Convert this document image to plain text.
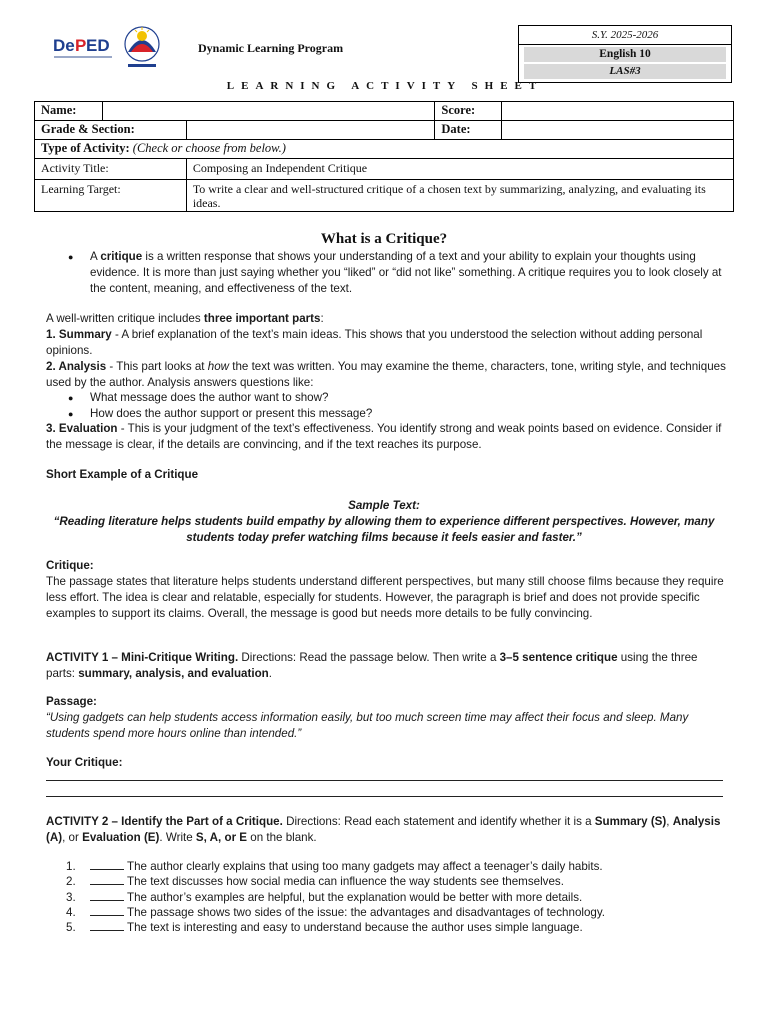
De P ED	Dynamic Learning Program
S.Y. 2025-2026
English 10
LAS#3
LEARNING ACTIVITY SHEET
Name:			Score:	
Grade & Section:			Date:	
Type of Activity: (Check or choose from below.)				
Activity Title:		Composing an Independent Critique		
Learning Target:		To write a clear and well-structured critique of a chosen text by summarizing, analyzing, and evaluating its ideas.		
What is a Critique?
● A critique is a written response that shows your understanding of a text and your ability to explain your thoughts using evidence. It is more than just saying whether you “liked” or “did not like” something. A critique requires you to look closely at the content, meaning, and effectiveness of the text.
A well-written critique includes three important parts:
1. Summary - A brief explanation of the text’s main ideas. This shows that you understood the selection without adding personal opinions.
2. Analysis - This part looks at how the text was written. You may examine the theme, characters, tone, writing style, and techniques used by the author. Analysis answers questions like:
● What message does the author want to show?
● How does the author support or present this message?
3. Evaluation - This is your judgment of the text’s effectiveness. You identify strong and weak points based on evidence. Consider if the message is clear, if the details are convincing, and if the text reaches its purpose.
Short Example of a Critique
Sample Text:
“Reading literature helps students build empathy by allowing them to experience different perspectives. However, many students today prefer watching films because it feels easier and faster.”
Critique:
The passage states that literature helps students understand different perspectives, but many still choose films because they require less effort. The idea is clear and relatable, especially for students. However, the paragraph is brief and does not provide specific examples to support its claims. Overall, the message is good but needs more details to be fully convincing.
ACTIVITY 1 – Mini-Critique Writing. Directions: Read the passage below. Then write a 3–5 sentence critique using the three parts: summary, analysis, and evaluation.
Passage:
“Using gadgets can help students access information easily, but too much screen time may affect their focus and sleep. Many students spend more hours online than intended.”
Your Critique:
ACTIVITY 2 – Identify the Part of a Critique. Directions: Read each statement and identify whether it is a Summary (S), Analysis (A), or Evaluation (E). Write S, A, or E on the blank.
1.	The author clearly explains that using too many gadgets may affect a teenager’s daily habits.
2.	The text discusses how social media can influence the way students see themselves.
3.	The author’s examples are helpful, but the explanation would be better with more details.
4.	The passage shows two sides of the issue: the advantages and disadvantages of technology.
5.	The text is interesting and easy to understand because the author uses simple language.
